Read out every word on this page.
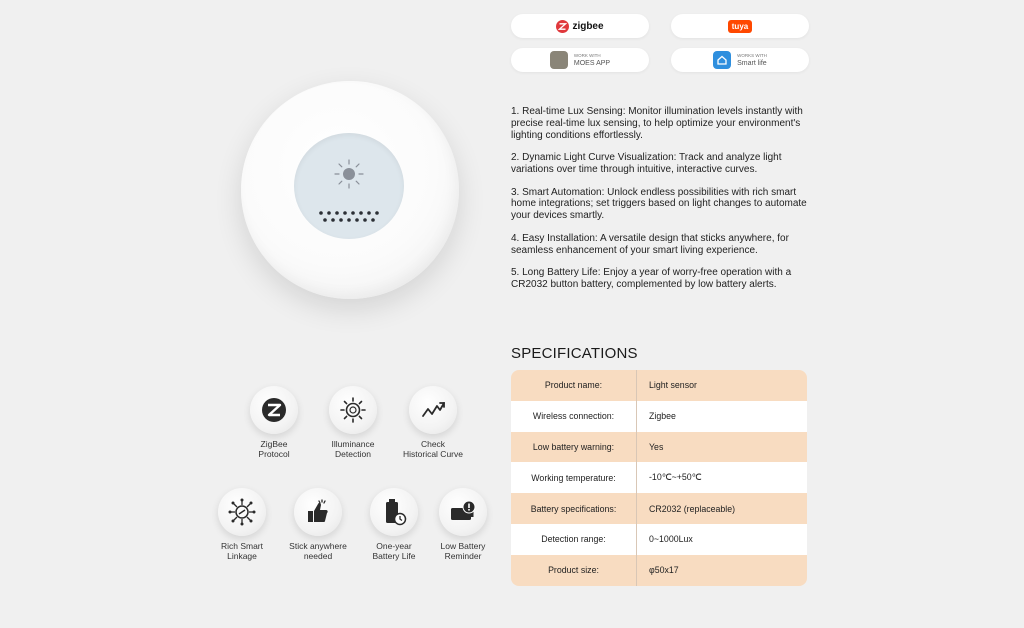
ZigBee
Protocol
Illuminance
Detection
Check
Historical Curve
Rich Smart
Linkage
Stick anywhere
needed
One-year
Battery Life
Low Battery
Reminder
zigbee	tuya
WORK WITH
MOES APP
WORKS WITH
Smart life

1. Real-time Lux Sensing: Monitor illumination levels instantly with precise real-time lux sensing, to help optimize your environment's lighting conditions effortlessly.

2. Dynamic Light Curve Visualization: Track and analyze light variations over time through intuitive, interactive curves.

3. Smart Automation: Unlock endless possibilities with rich smart home integrations; set triggers based on light changes to automate your devices smartly.

4. Easy Installation: A versatile design that sticks anywhere, for seamless enhancement of your smart living experience.

5. Long Battery Life: Enjoy a year of worry-free operation with a CR2032 button battery, complemented by low battery alerts.

SPECIFICATIONS
Product name:	Light sensor
Wireless connection:	Zigbee
Low battery warning:	Yes
Working temperature:	-10℃~+50℃
Battery specifications:	CR2032 (replaceable)
Detection range:	0~1000Lux
Product size:	φ50x17
